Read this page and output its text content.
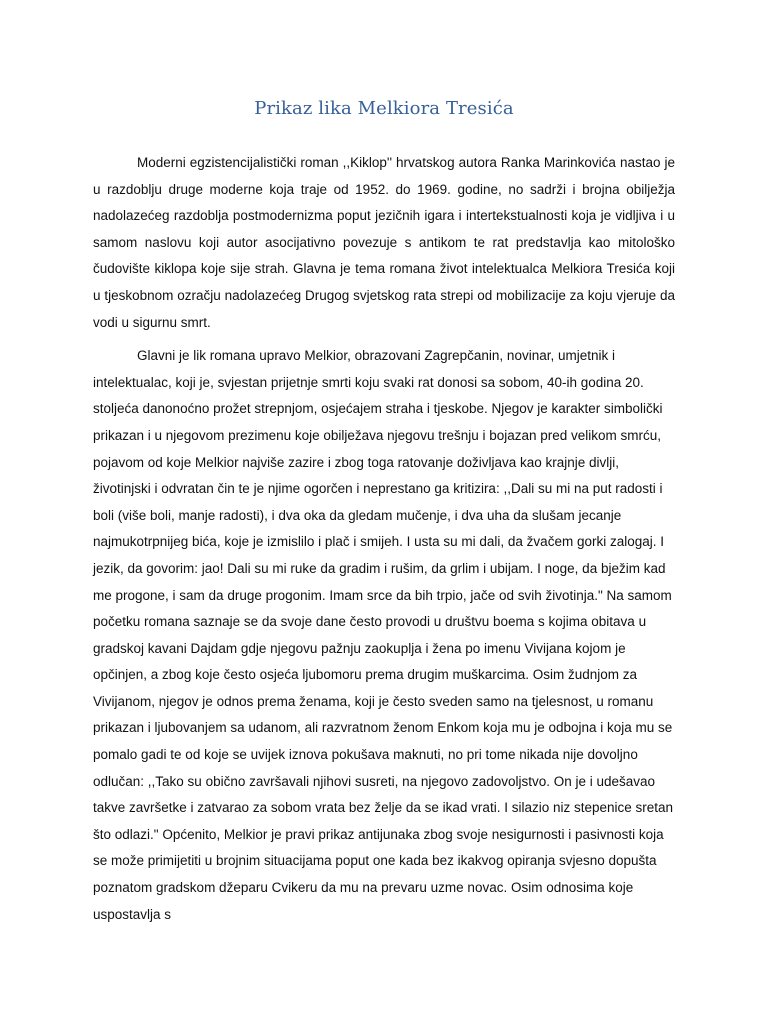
Prikaz lika Melkiora Tresića

Moderni egzistencijalistički roman ,,Kiklop'' hrvatskog autora Ranka Marinkovića nastao je u razdoblju druge moderne koja traje od 1952. do 1969. godine, no sadrži i brojna obilježja nadolazećeg razdoblja postmodernizma poput jezičnih igara i intertekstualnosti koja je vidljiva i u samom naslovu koji autor asocijativno povezuje s antikom te rat predstavlja kao mitološko čudovište kiklopa koje sije strah. Glavna je tema romana život intelektualca Melkiora Tresića koji u tjeskobnom ozračju nadolazećeg Drugog svjetskog rata strepi od mobilizacije za koju vjeruje da vodi u sigurnu smrt.

Glavni je lik romana upravo Melkior, obrazovani Zagrepčanin, novinar, umjetnik i intelektualac, koji je, svjestan prijetnje smrti koju svaki rat donosi sa sobom, 40-ih godina 20. stoljeća danonoćno prožet strepnjom, osjećajem straha i tjeskobe. Njegov je karakter simbolički prikazan i u njegovom prezimenu koje obilježava njegovu trešnju i bojazan pred velikom smrću, pojavom od koje Melkior najviše zazire i zbog toga ratovanje doživljava kao krajnje divlji, životinjski i odvratan čin te je njime ogorčen i neprestano ga kritizira: ,,Dali su mi na put radosti i boli (više boli, manje radosti), i dva oka da gledam mučenje, i dva uha da slušam jecanje najmukotrpnijeg bića, koje je izmislilo i plač i smijeh. I usta su mi dali, da žvačem gorki zalogaj. I jezik, da govorim: jao! Dali su mi ruke da gradim i rušim, da grlim i ubijam. I noge, da bježim kad me progone, i sam da druge progonim. Imam srce da bih trpio, jače od svih životinja." Na samom početku romana saznaje se da svoje dane često provodi u društvu boema s kojima obitava u gradskoj kavani Dajdam gdje njegovu pažnju zaokuplja i žena po imenu Vivijana kojom je opčinjen, a zbog koje često osjeća ljubomoru prema drugim muškarcima. Osim žudnjom za Vivijanom, njegov je odnos prema ženama, koji je često sveden samo na tjelesnost, u romanu prikazan i ljubovanjem sa udanom, ali razvratnom ženom Enkom koja mu je odbojna i koja mu se pomalo gadi te od koje se uvijek iznova pokušava maknuti, no pri tome nikada nije dovoljno odlučan: ,,Tako su obično završavali njihovi susreti, na njegovo zadovoljstvo. On je i udešavao takve završetke i zatvarao za sobom vrata bez želje da se ikad vrati. I silazio niz stepenice sretan što odlazi." Općenito, Melkior je pravi prikaz antijunaka zbog svoje nesigurnosti i pasivnosti koja se može primijetiti u brojnim situacijama poput one kada bez ikakvog opiranja svjesno dopušta poznatom gradskom džeparu Cvikeru da mu na prevaru uzme novac. Osim odnosima koje uspostavlja s
